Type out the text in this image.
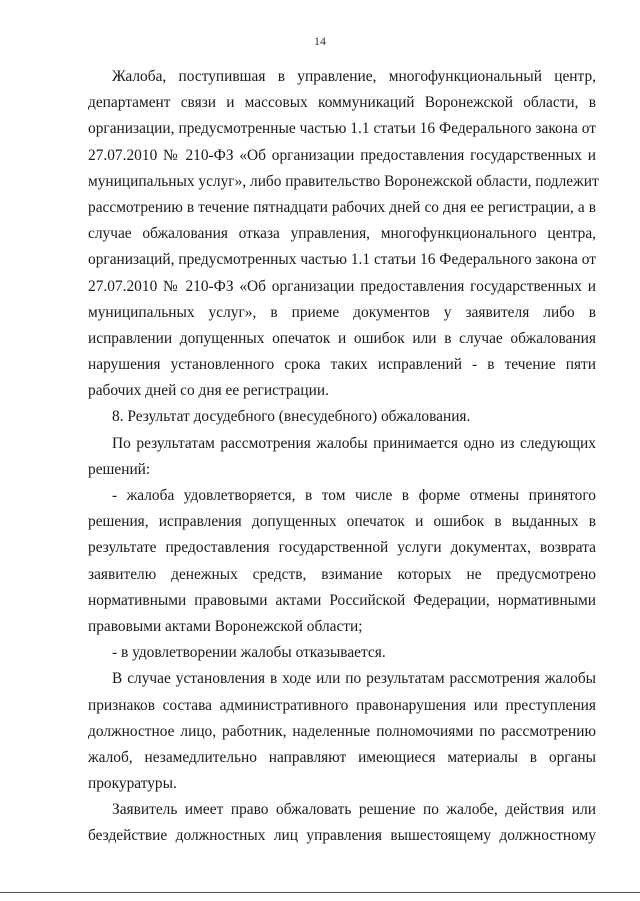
14
Жалоба, поступившая в управление, многофункциональный центр,
департамент связи и массовых коммуникаций Воронежской области, в
организации, предусмотренные частью 1.1 статьи 16 Федерального закона от
27.07.2010 № 210-ФЗ «Об организации предоставления государственных и
муниципальных услуг», либо правительство Воронежской области, подлежит
рассмотрению в течение пятнадцати рабочих дней со дня ее регистрации, а в
случае обжалования отказа управления, многофункционального центра,
организаций, предусмотренных частью 1.1 статьи 16 Федерального закона от
27.07.2010 № 210-ФЗ «Об организации предоставления государственных и
муниципальных услуг», в приеме документов у заявителя либо в
исправлении допущенных опечаток и ошибок или в случае обжалования
нарушения установленного срока таких исправлений - в течение пяти
рабочих дней со дня ее регистрации.
8. Результат досудебного (внесудебного) обжалования.
По результатам рассмотрения жалобы принимается одно из следующих
решений:
- жалоба удовлетворяется, в том числе в форме отмены принятого
решения, исправления допущенных опечаток и ошибок в выданных в
результате предоставления государственной услуги документах, возврата
заявителю денежных средств, взимание которых не предусмотрено
нормативными правовыми актами Российской Федерации, нормативными
правовыми актами Воронежской области;
- в удовлетворении жалобы отказывается.
В случае установления в ходе или по результатам рассмотрения жалобы
признаков состава административного правонарушения или преступления
должностное лицо, работник, наделенные полномочиями по рассмотрению
жалоб, незамедлительно направляют имеющиеся материалы в органы
прокуратуры.
Заявитель имеет право обжаловать решение по жалобе, действия или
бездействие должностных лиц управления вышестоящему должностному
